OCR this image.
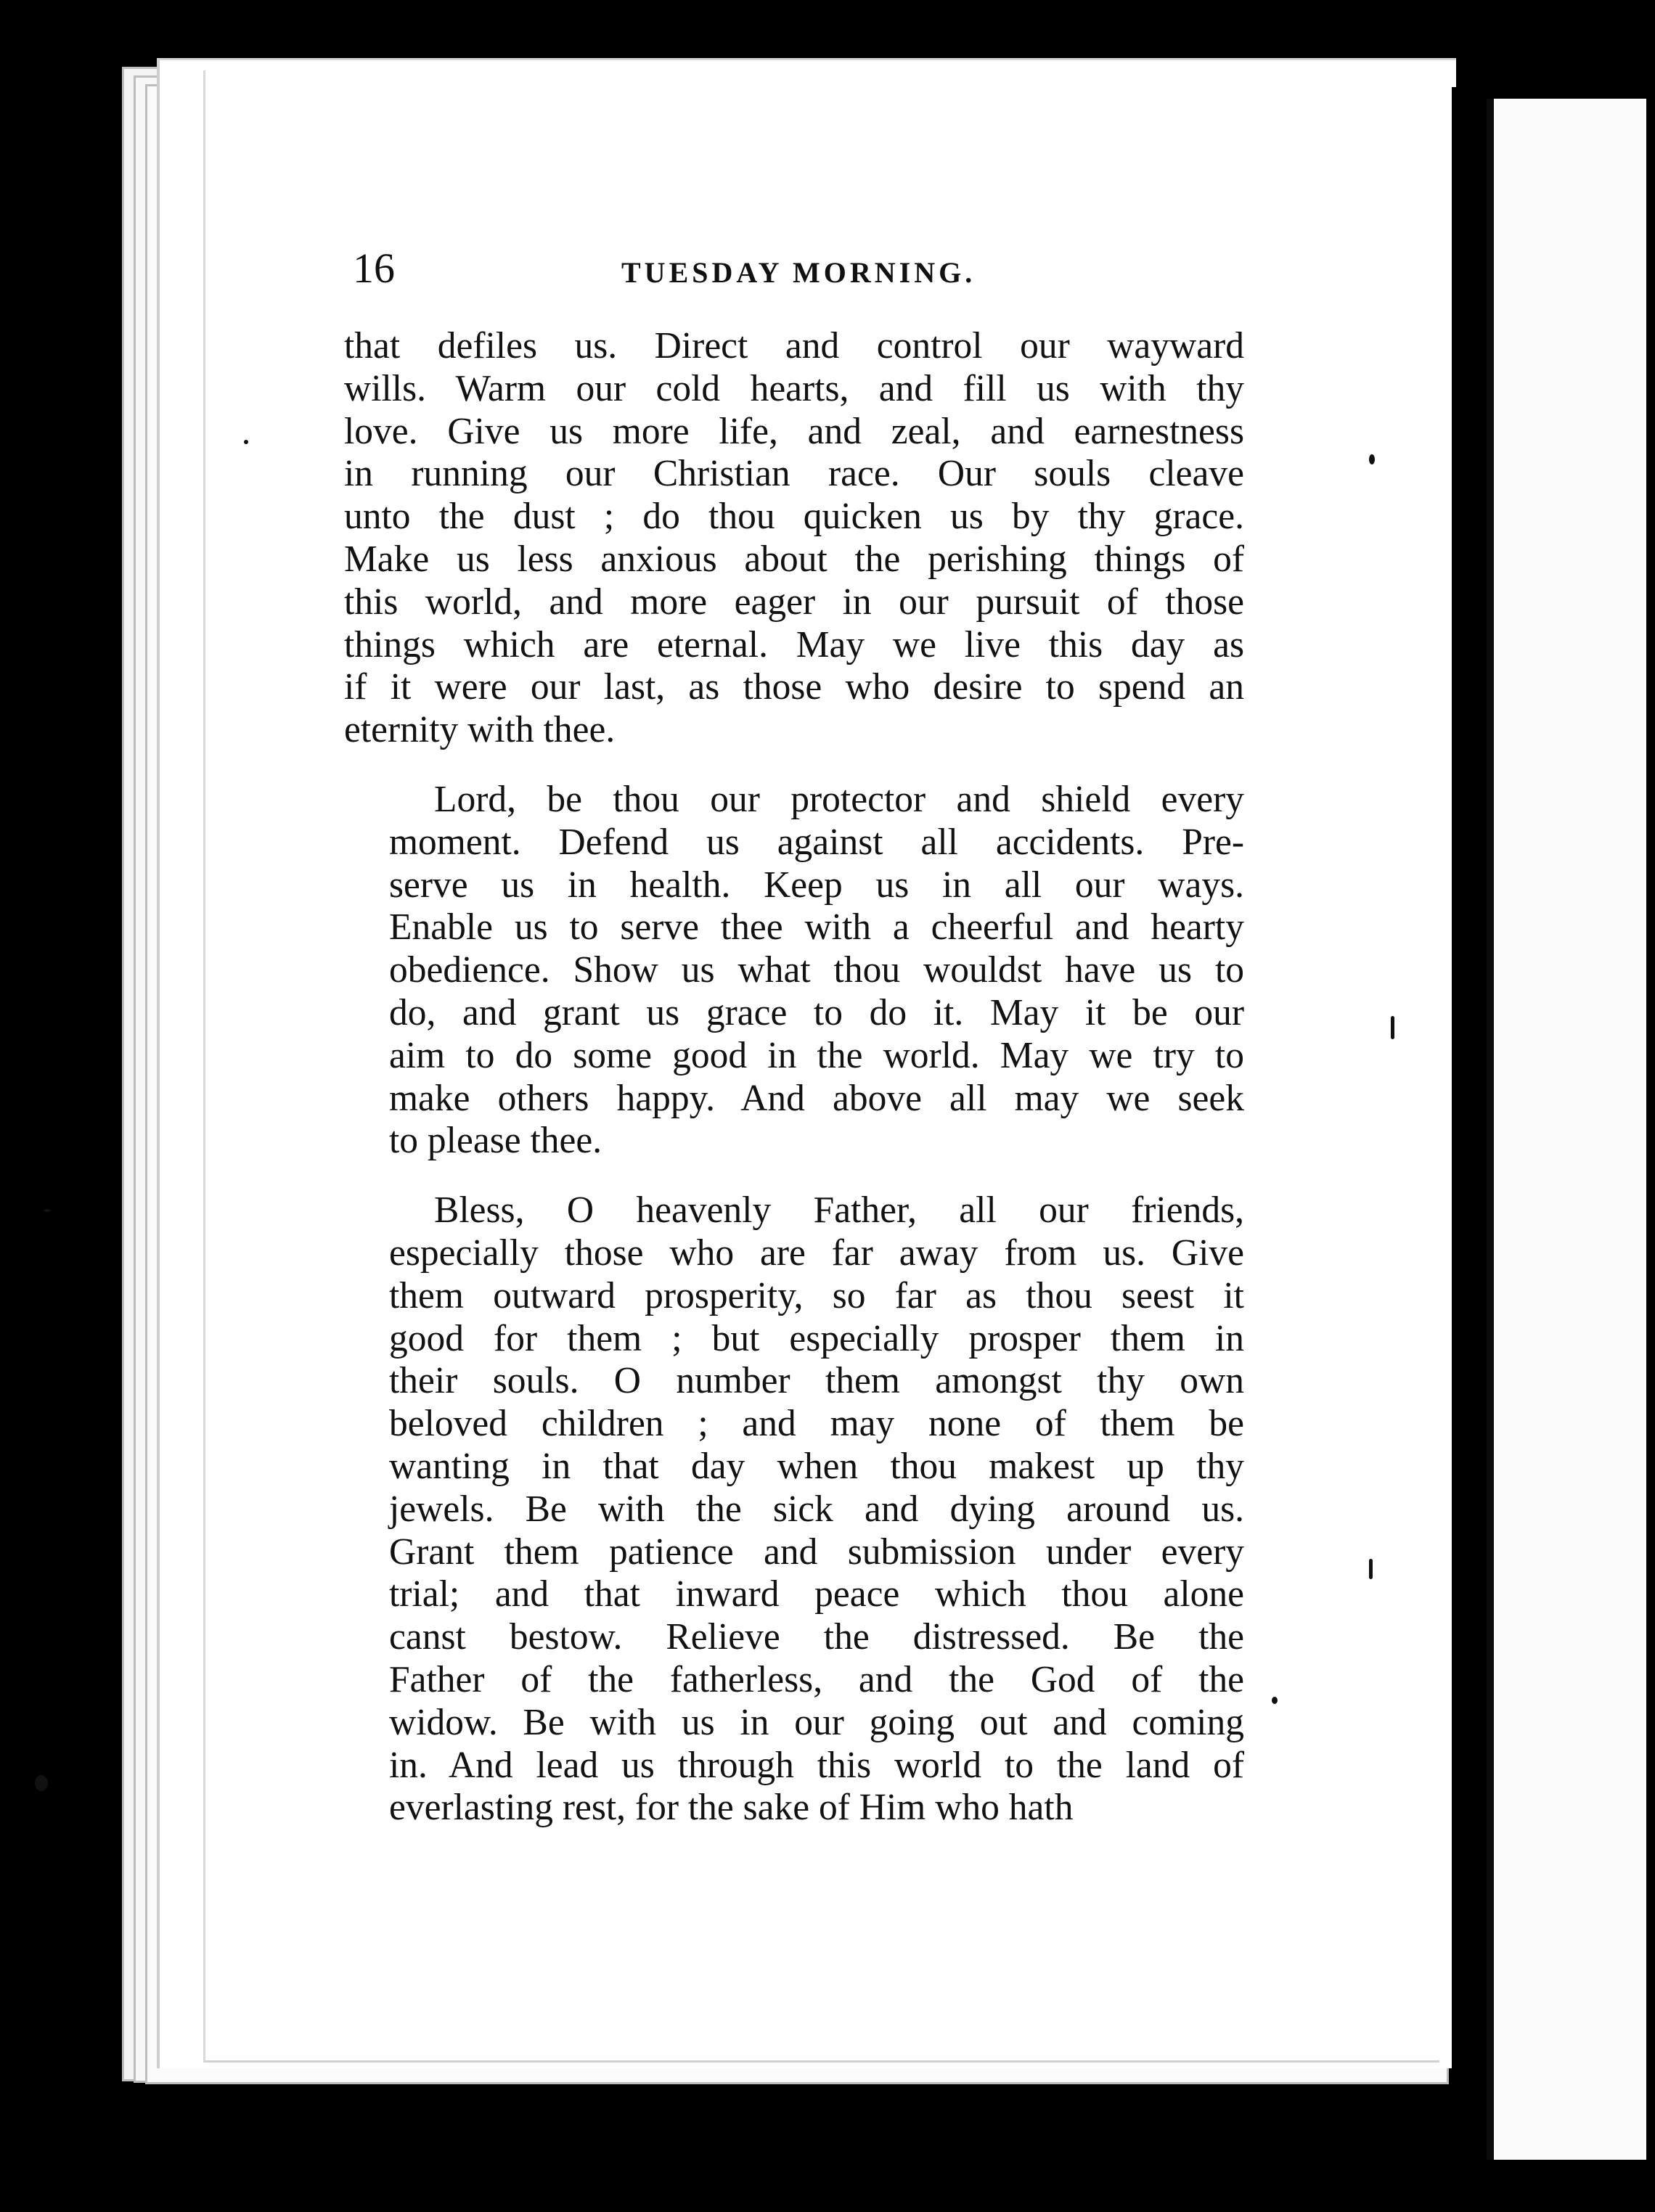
16	TUESDAY MORNING.
that defiles us. Direct and control our wayward
wills. Warm our cold hearts, and fill us with thy
love. Give us more life, and zeal, and earnestness
in running our Christian race. Our souls cleave
unto the dust ; do thou quicken us by thy grace.
Make us less anxious about the perishing things of
this world, and more eager in our pursuit of those
things which are eternal. May we live this day as
if it were our last, as those who desire to spend an
eternity with thee.
Lord, be thou our protector and shield every
moment. Defend us against all accidents. Pre-
serve us in health. Keep us in all our ways.
Enable us to serve thee with a cheerful and hearty
obedience. Show us what thou wouldst have us to
do, and grant us grace to do it. May it be our
aim to do some good in the world. May we try to
make others happy. And above all may we seek
to please thee.
Bless, O heavenly Father, all our friends,
especially those who are far away from us. Give
them outward prosperity, so far as thou seest it
good for them ; but especially prosper them in
their souls. O number them amongst thy own
beloved children ; and may none of them be
wanting in that day when thou makest up thy
jewels. Be with the sick and dying around us.
Grant them patience and submission under every
trial; and that inward peace which thou alone
canst bestow. Relieve the distressed. Be the
Father of the fatherless, and the God of the
widow. Be with us in our going out and coming
in. And lead us through this world to the land of
everlasting rest, for the sake of Him who hath
